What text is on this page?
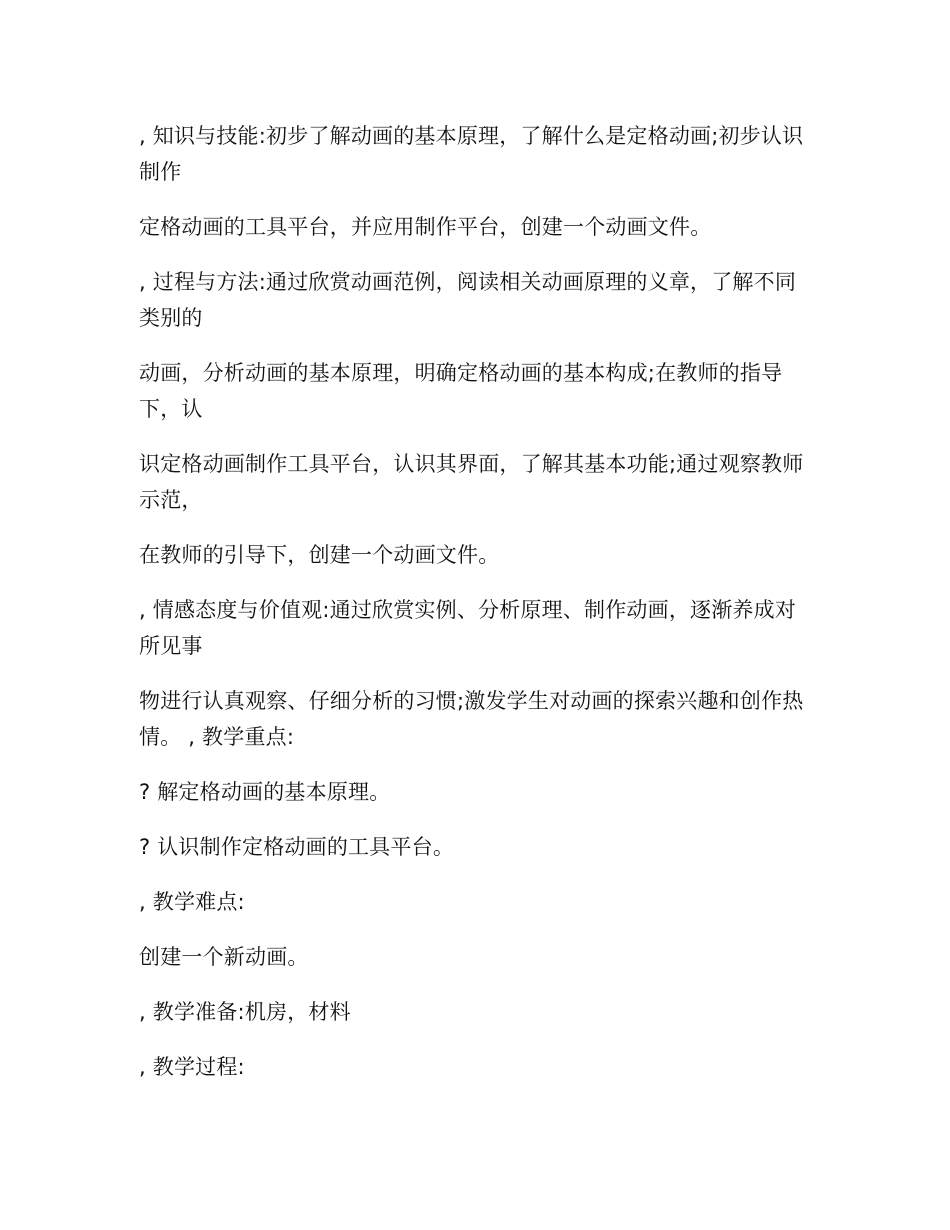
, 知识与技能:初步了解动画的基本原理，了解什么是定格动画;初步认识制作

定格动画的工具平台，并应用制作平台，创建一个动画文件。

, 过程与方法:通过欣赏动画范例，阅读相关动画原理的义章，了解不同类别的

动画，分析动画的基本原理，明确定格动画的基本构成;在教师的指导下，认

识定格动画制作工具平台，认识其界面，了解其基本功能;通过观察教师示范，

在教师的引导下，创建一个动画文件。

, 情感态度与价值观:通过欣赏实例、分析原理、制作动画，逐渐养成对所见事

物进行认真观察、仔细分析的习惯;激发学生对动画的探索兴趣和创作热情。 , 教学重点:

? 解定格动画的基本原理。

? 认识制作定格动画的工具平台。

, 教学难点:

创建一个新动画。

, 教学准备:机房，材料

, 教学过程:
